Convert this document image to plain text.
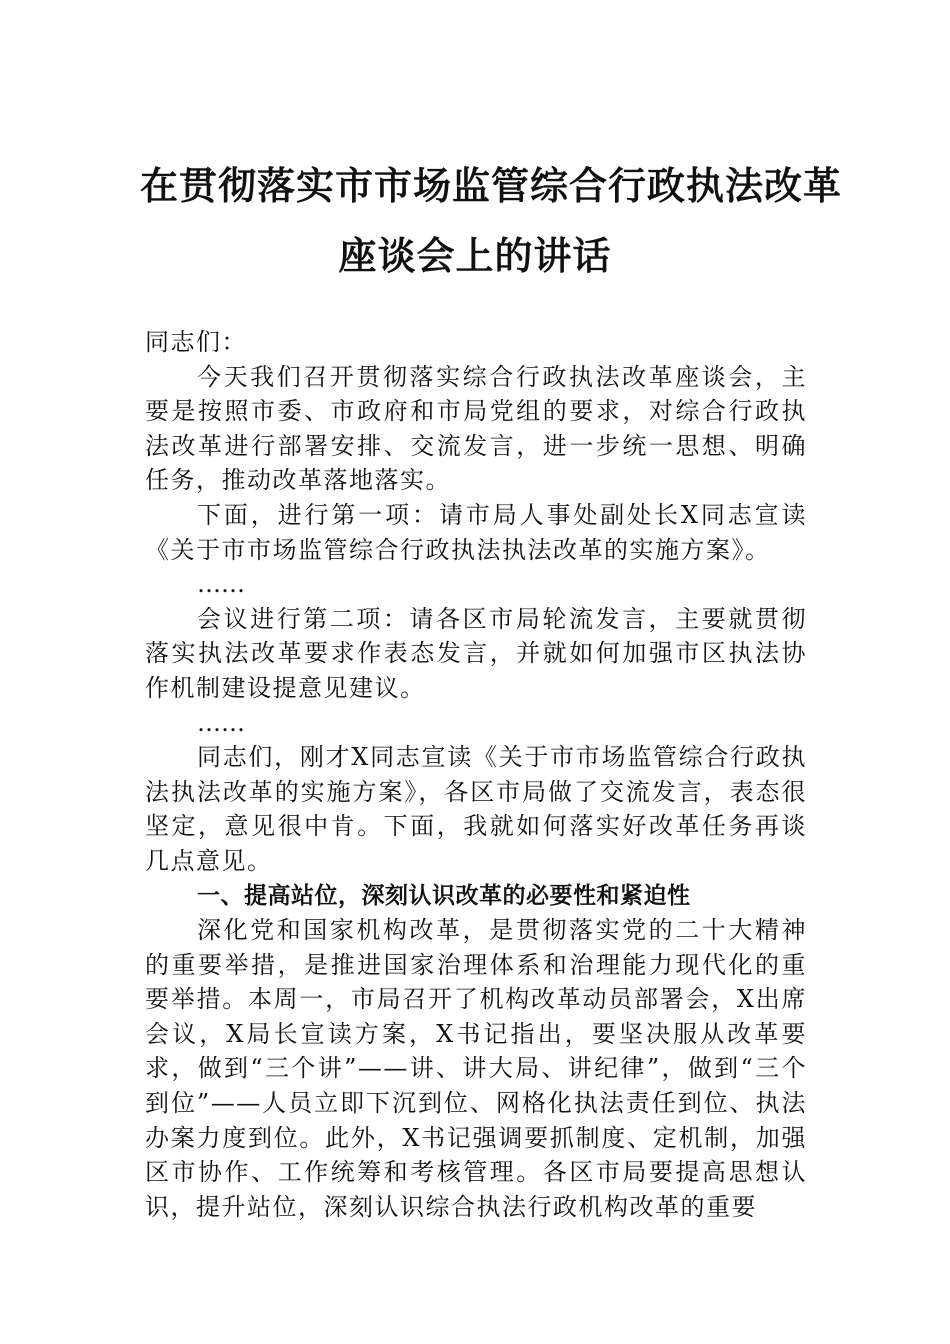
在贯彻落实市市场监管综合行政执法改革
座谈会上的讲话

同志们：

今天我们召开贯彻落实综合行政执法改革座谈会，主要是按照市委、市政府和市局党组的要求，对综合行政执法改革进行部署安排、交流发言，进一步统一思想、明确任务，推动改革落地落实。

下面，进行第一项：请市局人事处副处长X同志宣读《关于市市场监管综合行政执法执法改革的实施方案》。

……

会议进行第二项：请各区市局轮流发言，主要就贯彻落实执法改革要求作表态发言，并就如何加强市区执法协作机制建设提意见建议。

……

同志们，刚才X同志宣读《关于市市场监管综合行政执法执法改革的实施方案》，各区市局做了交流发言，表态很坚定，意见很中肯。下面，我就如何落实好改革任务再谈几点意见。

一、提高站位，深刻认识改革的必要性和紧迫性

深化党和国家机构改革，是贯彻落实党的二十大精神的重要举措，是推进国家治理体系和治理能力现代化的重要举措。本周一，市局召开了机构改革动员部署会，X出席会议，X局长宣读方案，X书记指出，要坚决服从改革要求，做到“三个讲”——讲、讲大局、讲纪律”，做到“三个到位”——人员立即下沉到位、网格化执法责任到位、执法办案力度到位。此外，X书记强调要抓制度、定机制，加强区市协作、工作统筹和考核管理。各区市局要提高思想认识，提升站位，深刻认识综合执法行政机构改革的重要
